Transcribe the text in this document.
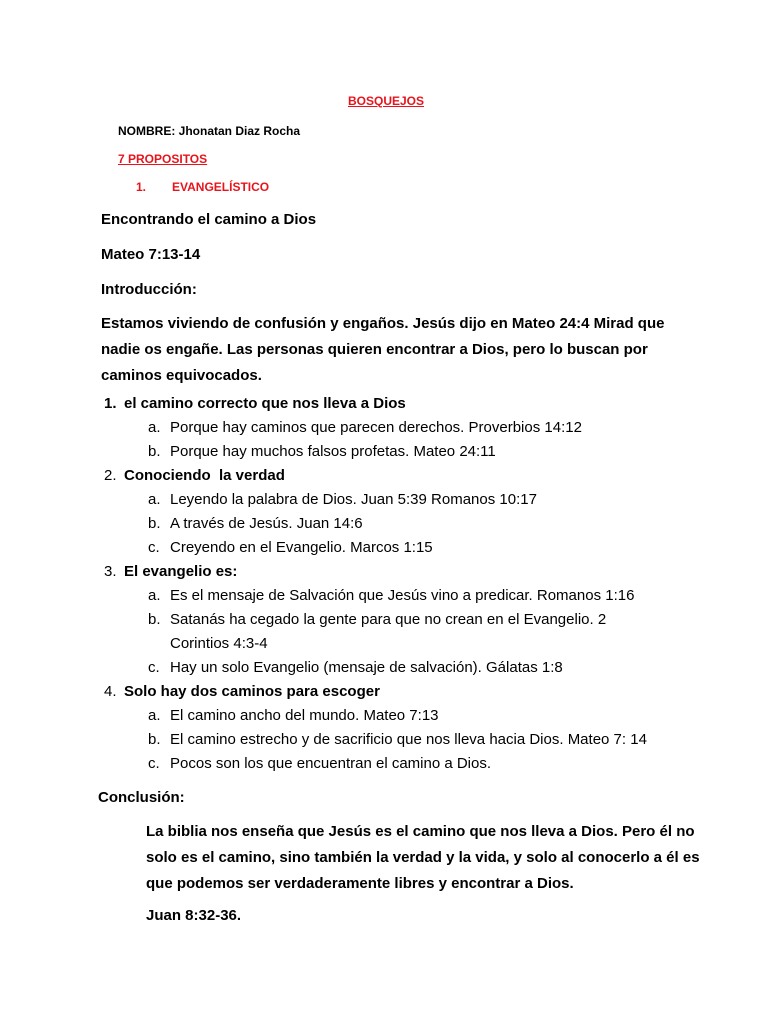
BOSQUEJOS
NOMBRE: Jhonatan Diaz Rocha
7 PROPOSITOS
1. EVANGELÍSTICO
Encontrando el camino a Dios
Mateo 7:13-14
Introducción:
Estamos viviendo de confusión y engaños. Jesús dijo en Mateo 24:4 Mirad que nadie os engañe. Las personas quieren encontrar a Dios, pero lo buscan por caminos equivocados.
1. el camino correcto que nos lleva a Dios
a. Porque hay caminos que parecen derechos. Proverbios 14:12
b. Porque hay muchos falsos profetas. Mateo 24:11
2. Conociendo  la verdad
a. Leyendo la palabra de Dios. Juan 5:39 Romanos 10:17
b. A través de Jesús. Juan 14:6
c. Creyendo en el Evangelio. Marcos 1:15
3. El evangelio es:
a. Es el mensaje de Salvación que Jesús vino a predicar. Romanos 1:16
b. Satanás ha cegado la gente para que no crean en el Evangelio. 2
Corintios 4:3-4
c. Hay un solo Evangelio (mensaje de salvación). Gálatas 1:8
4. Solo hay dos caminos para escoger
a. El camino ancho del mundo. Mateo 7:13
b. El camino estrecho y de sacrificio que nos lleva hacia Dios. Mateo 7: 14
c. Pocos son los que encuentran el camino a Dios.
Conclusión:
La biblia nos enseña que Jesús es el camino que nos lleva a Dios. Pero él no solo es el camino, sino también la verdad y la vida, y solo al conocerlo a él es que podemos ser verdaderamente libres y encontrar a Dios.
Juan 8:32-36.
